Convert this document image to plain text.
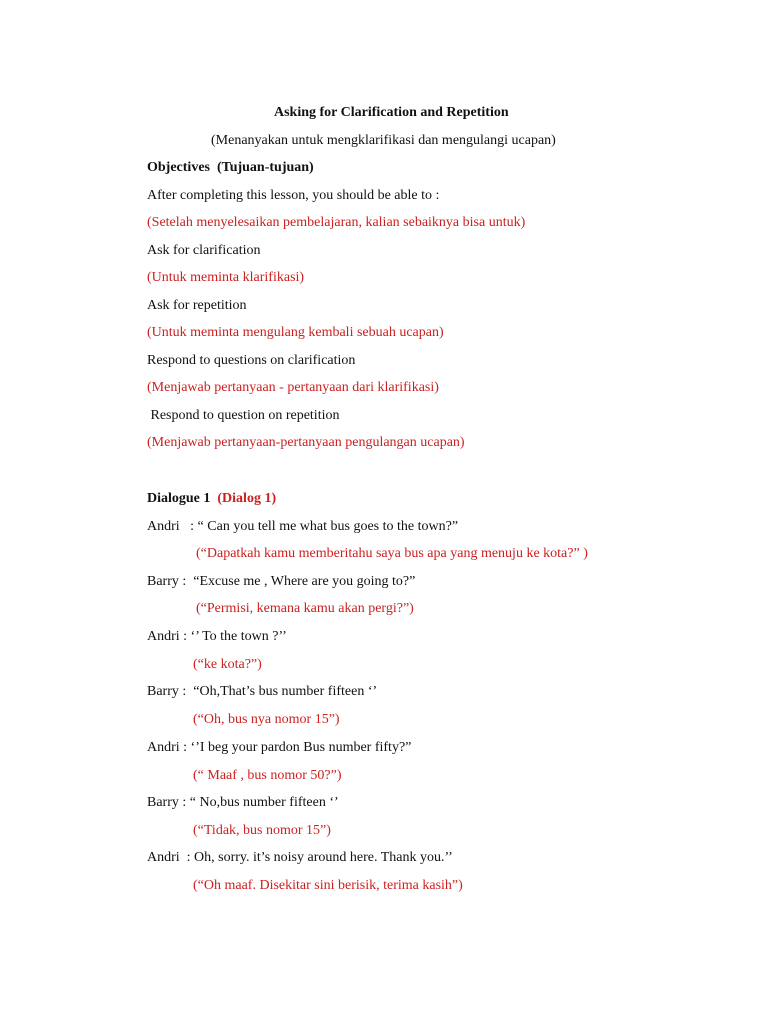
Asking for Clarification and Repetition
(Menanyakan untuk mengklarifikasi dan mengulangi ucapan)
Objectives  (Tujuan-tujuan)
After completing this lesson, you should be able to :
(Setelah menyelesaikan pembelajaran, kalian sebaiknya bisa untuk)
Ask for clarification
(Untuk meminta klarifikasi)
Ask for repetition
(Untuk meminta mengulang kembali sebuah ucapan)
Respond to questions on clarification
(Menjawab pertanyaan - pertanyaan dari klarifikasi)
Respond to question on repetition
(Menjawab pertanyaan-pertanyaan pengulangan ucapan)
Dialogue 1 (Dialog 1)
Andri   : “ Can you tell me what bus goes to the town?”
(“Dapatkah kamu memberitahu saya bus apa yang menuju ke kota?” )
Barry :  “Excuse me , Where are you going to?”
(“Permisi, kemana kamu akan pergi?”)
Andri : ‘’ To the town ?’’
(“ke kota?”)
Barry :  “Oh,That’s bus number fifteen ‘’
(“Oh, bus nya nomor 15”)
Andri : ‘’I beg your pardon Bus number fifty?”
(“ Maaf , bus nomor 50?”)
Barry : “ No,bus number fifteen ‘’
(“Tidak, bus nomor 15”)
Andri  : Oh, sorry. it’s noisy around here. Thank you.’’
(“Oh maaf. Disekitar sini berisik, terima kasih”)
